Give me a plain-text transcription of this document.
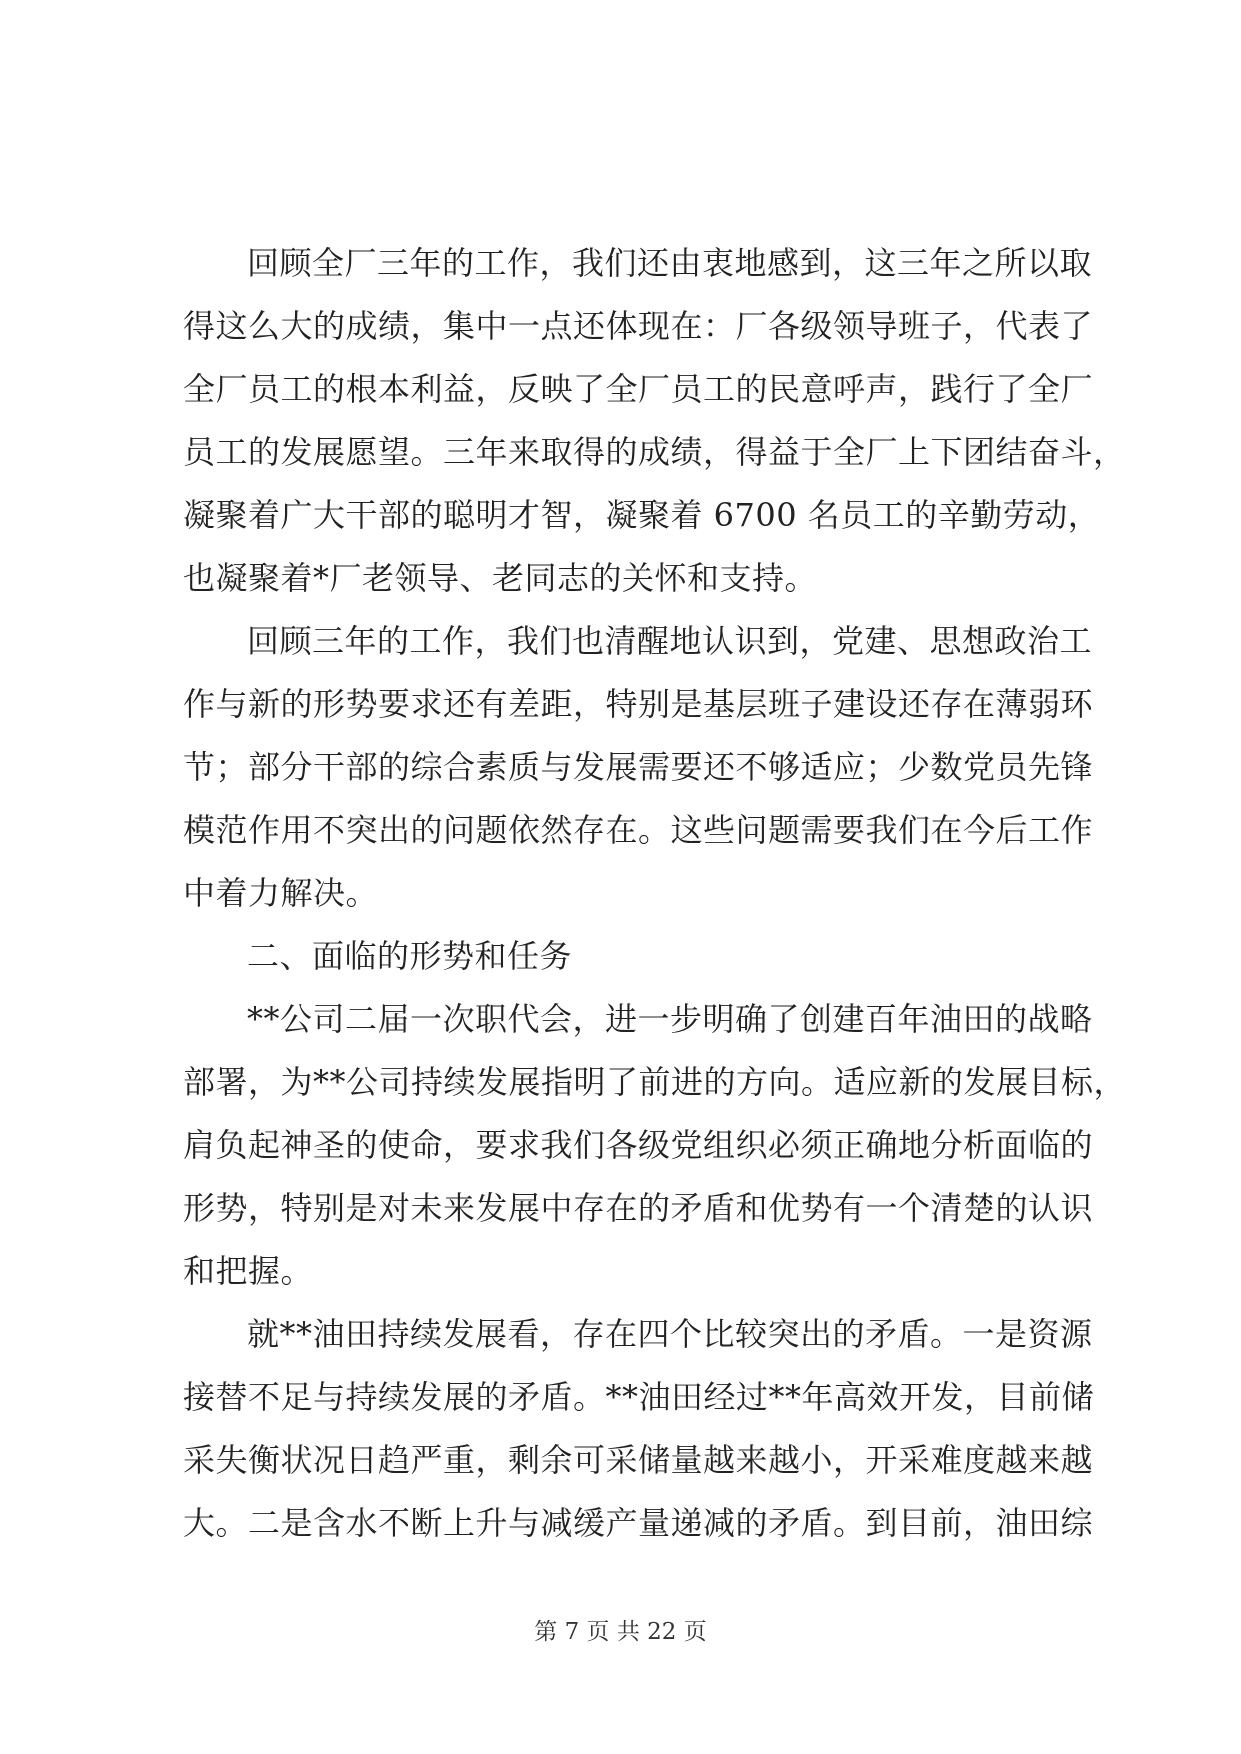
回顾全厂三年的工作，我们还由衷地感到，这三年之所以取
得这么大的成绩，集中一点还体现在：厂各级领导班子，代表了
全厂员工的根本利益，反映了全厂员工的民意呼声，践行了全厂
员工的发展愿望。三年来取得的成绩，得益于全厂上下团结奋斗，
凝聚着广大干部的聪明才智，凝聚着 6700 名员工的辛勤劳动，
也凝聚着*厂老领导、老同志的关怀和支持。
回顾三年的工作，我们也清醒地认识到，党建、思想政治工
作与新的形势要求还有差距，特别是基层班子建设还存在薄弱环
节；部分干部的综合素质与发展需要还不够适应；少数党员先锋
模范作用不突出的问题依然存在。这些问题需要我们在今后工作
中着力解决。
二、面临的形势和任务
**公司二届一次职代会，进一步明确了创建百年油田的战略
部署，为**公司持续发展指明了前进的方向。适应新的发展目标，
肩负起神圣的使命，要求我们各级党组织必须正确地分析面临的
形势，特别是对未来发展中存在的矛盾和优势有一个清楚的认识
和把握。
就**油田持续发展看，存在四个比较突出的矛盾。一是资源
接替不足与持续发展的矛盾。**油田经过**年高效开发，目前储
采失衡状况日趋严重，剩余可采储量越来越小，开采难度越来越
大。二是含水不断上升与减缓产量递减的矛盾。到目前，油田综
第 7 页 共 22 页
